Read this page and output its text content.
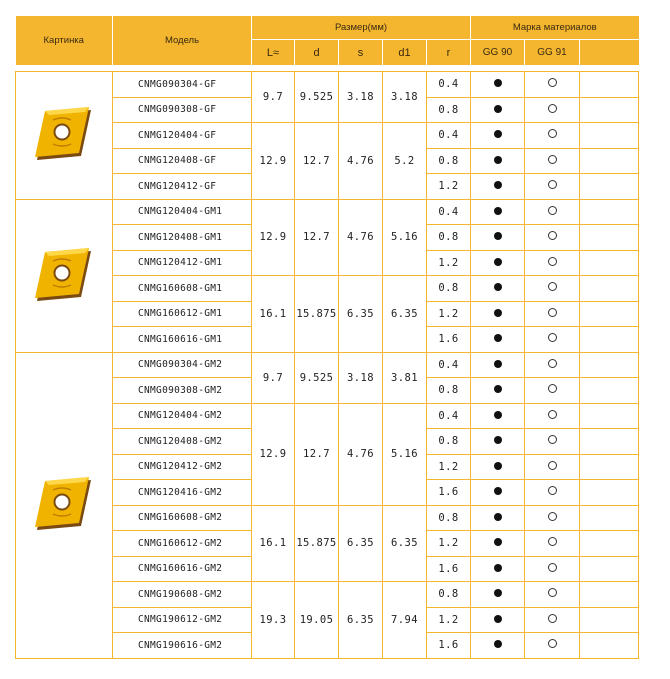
Картинка	Модель	Размер(мм)					Марка материалов		
		L≈	d	s	d1	r	GG 90	GG 91	

	CNMG090304-GF	9.7	9.525	3.18	3.18	0.4			
	CNMG090308-GF					0.8			
	CNMG120404-GF	12.9	12.7	4.76	5.2	0.4			
	CNMG120408-GF					0.8			
	CNMG120412-GF					1.2			

	CNMG120404-GM1	12.9	12.7	4.76	5.16	0.4			
	CNMG120408-GM1					0.8			
	CNMG120412-GM1					1.2			
	CNMG160608-GM1	16.1	15.875	6.35	6.35	0.8			
	CNMG160612-GM1					1.2			
	CNMG160616-GM1					1.6			

	CNMG090304-GM2	9.7	9.525	3.18	3.81	0.4			
	CNMG090308-GM2					0.8			
	CNMG120404-GM2	12.9	12.7	4.76	5.16	0.4			
	CNMG120408-GM2					0.8			
	CNMG120412-GM2					1.2			
	CNMG120416-GM2					1.6			
	CNMG160608-GM2	16.1	15.875	6.35	6.35	0.8			
	CNMG160612-GM2					1.2			
	CNMG160616-GM2					1.6			
	CNMG190608-GM2	19.3	19.05	6.35	7.94	0.8			
	CNMG190612-GM2					1.2			
	CNMG190616-GM2					1.6			
